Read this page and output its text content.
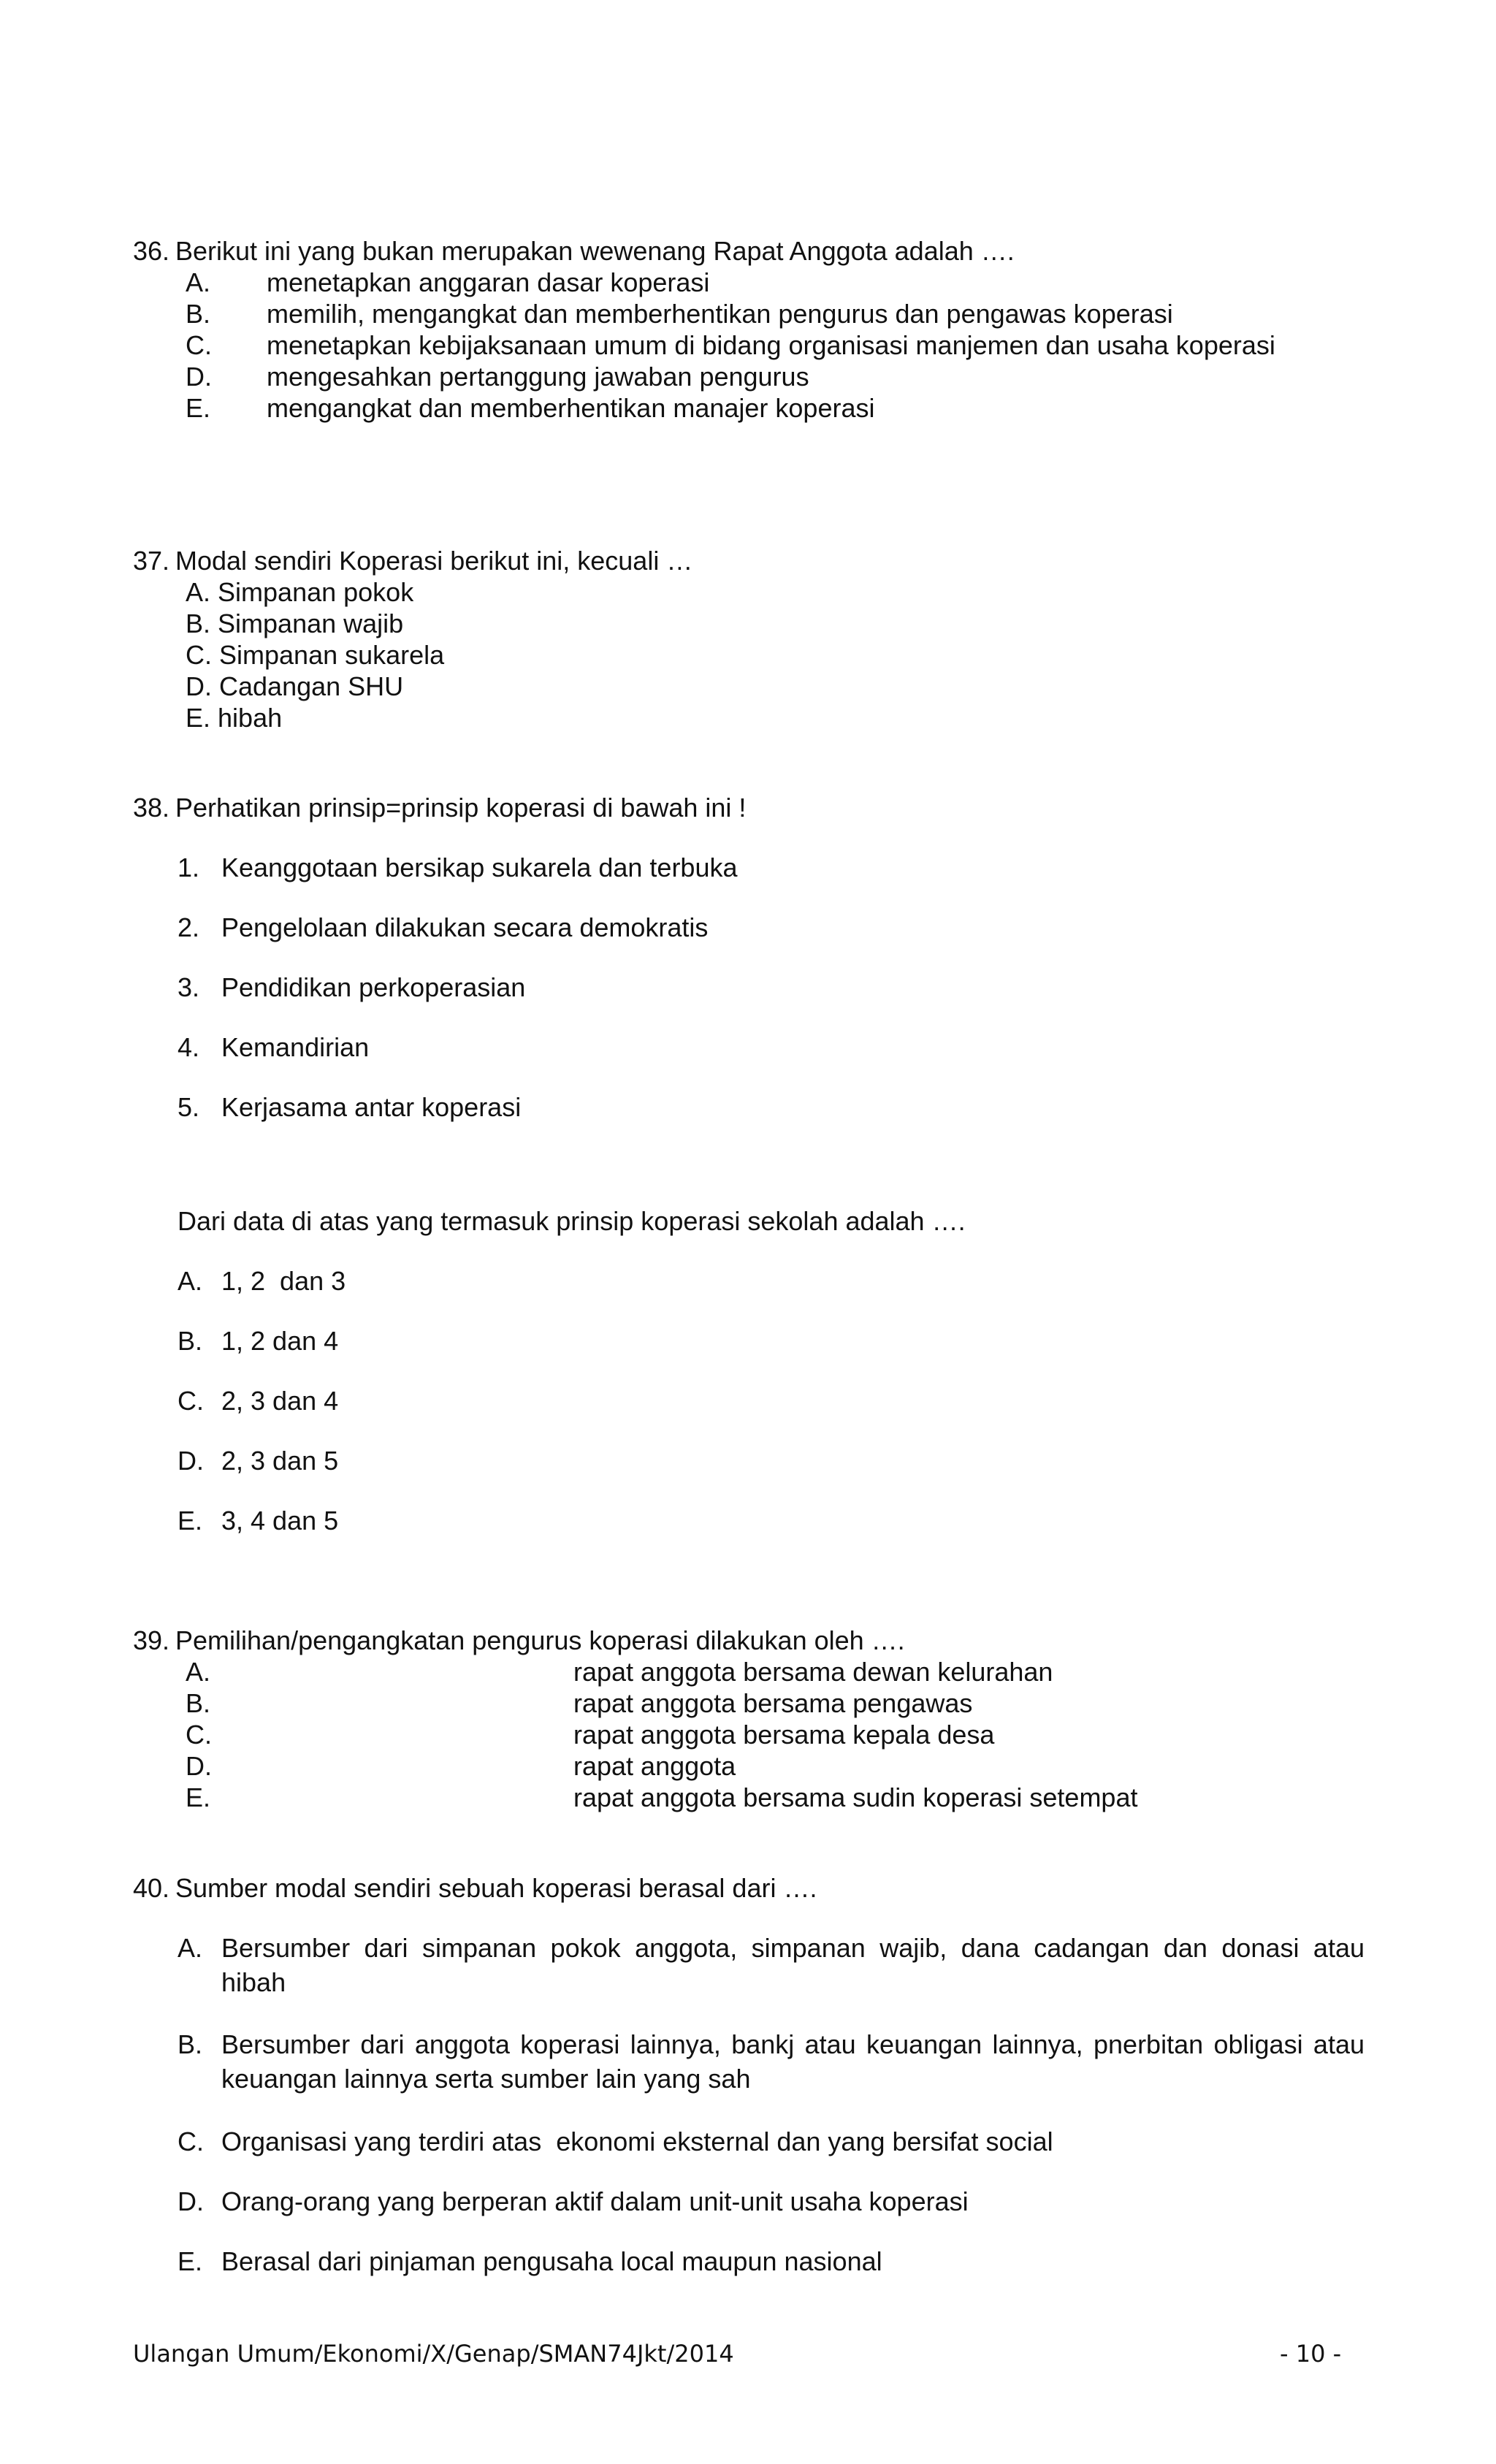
36. Berikut ini yang bukan merupakan wewenang Rapat Anggota adalah ….
A. menetapkan anggaran dasar koperasi
B. memilih, mengangkat dan memberhentikan pengurus dan pengawas koperasi
C. menetapkan kebijaksanaan umum di bidang organisasi manjemen dan usaha koperasi
D. mengesahkan pertanggung jawaban pengurus
E. mengangkat dan memberhentikan manajer koperasi
37. Modal sendiri Koperasi berikut ini, kecuali …
A. Simpanan pokok
B. Simpanan wajib
C. Simpanan sukarela
D. Cadangan SHU
E. hibah
38. Perhatikan prinsip=prinsip koperasi di bawah ini !
1. Keanggotaan bersikap sukarela dan terbuka
2. Pengelolaan dilakukan secara demokratis
3. Pendidikan perkoperasian
4. Kemandirian
5. Kerjasama antar koperasi
Dari data di atas yang termasuk prinsip koperasi sekolah adalah ….
A. 1, 2  dan 3
B. 1, 2 dan 4
C. 2, 3 dan 4
D. 2, 3 dan 5
E. 3, 4 dan 5
39. Pemilihan/pengangkatan pengurus koperasi dilakukan oleh ….
A.	rapat anggota bersama dewan kelurahan
B.	rapat anggota bersama pengawas
C.	rapat anggota bersama kepala desa
D.	rapat anggota
E.	rapat anggota bersama sudin koperasi setempat
40. Sumber modal sendiri sebuah koperasi berasal dari ….
A. Bersumber dari simpanan pokok anggota, simpanan wajib, dana cadangan dan donasi atau
hibah
B. Bersumber dari anggota koperasi lainnya, bankj atau keuangan lainnya, pnerbitan obligasi atau
keuangan lainnya serta sumber lain yang sah
C. Organisasi yang terdiri atas  ekonomi eksternal dan yang bersifat social
D. Orang-orang yang berperan aktif dalam unit-unit usaha koperasi
E. Berasal dari pinjaman pengusaha local maupun nasional
Ulangan Umum/Ekonomi/X/Genap/SMAN74Jkt/2014	- 10 -
